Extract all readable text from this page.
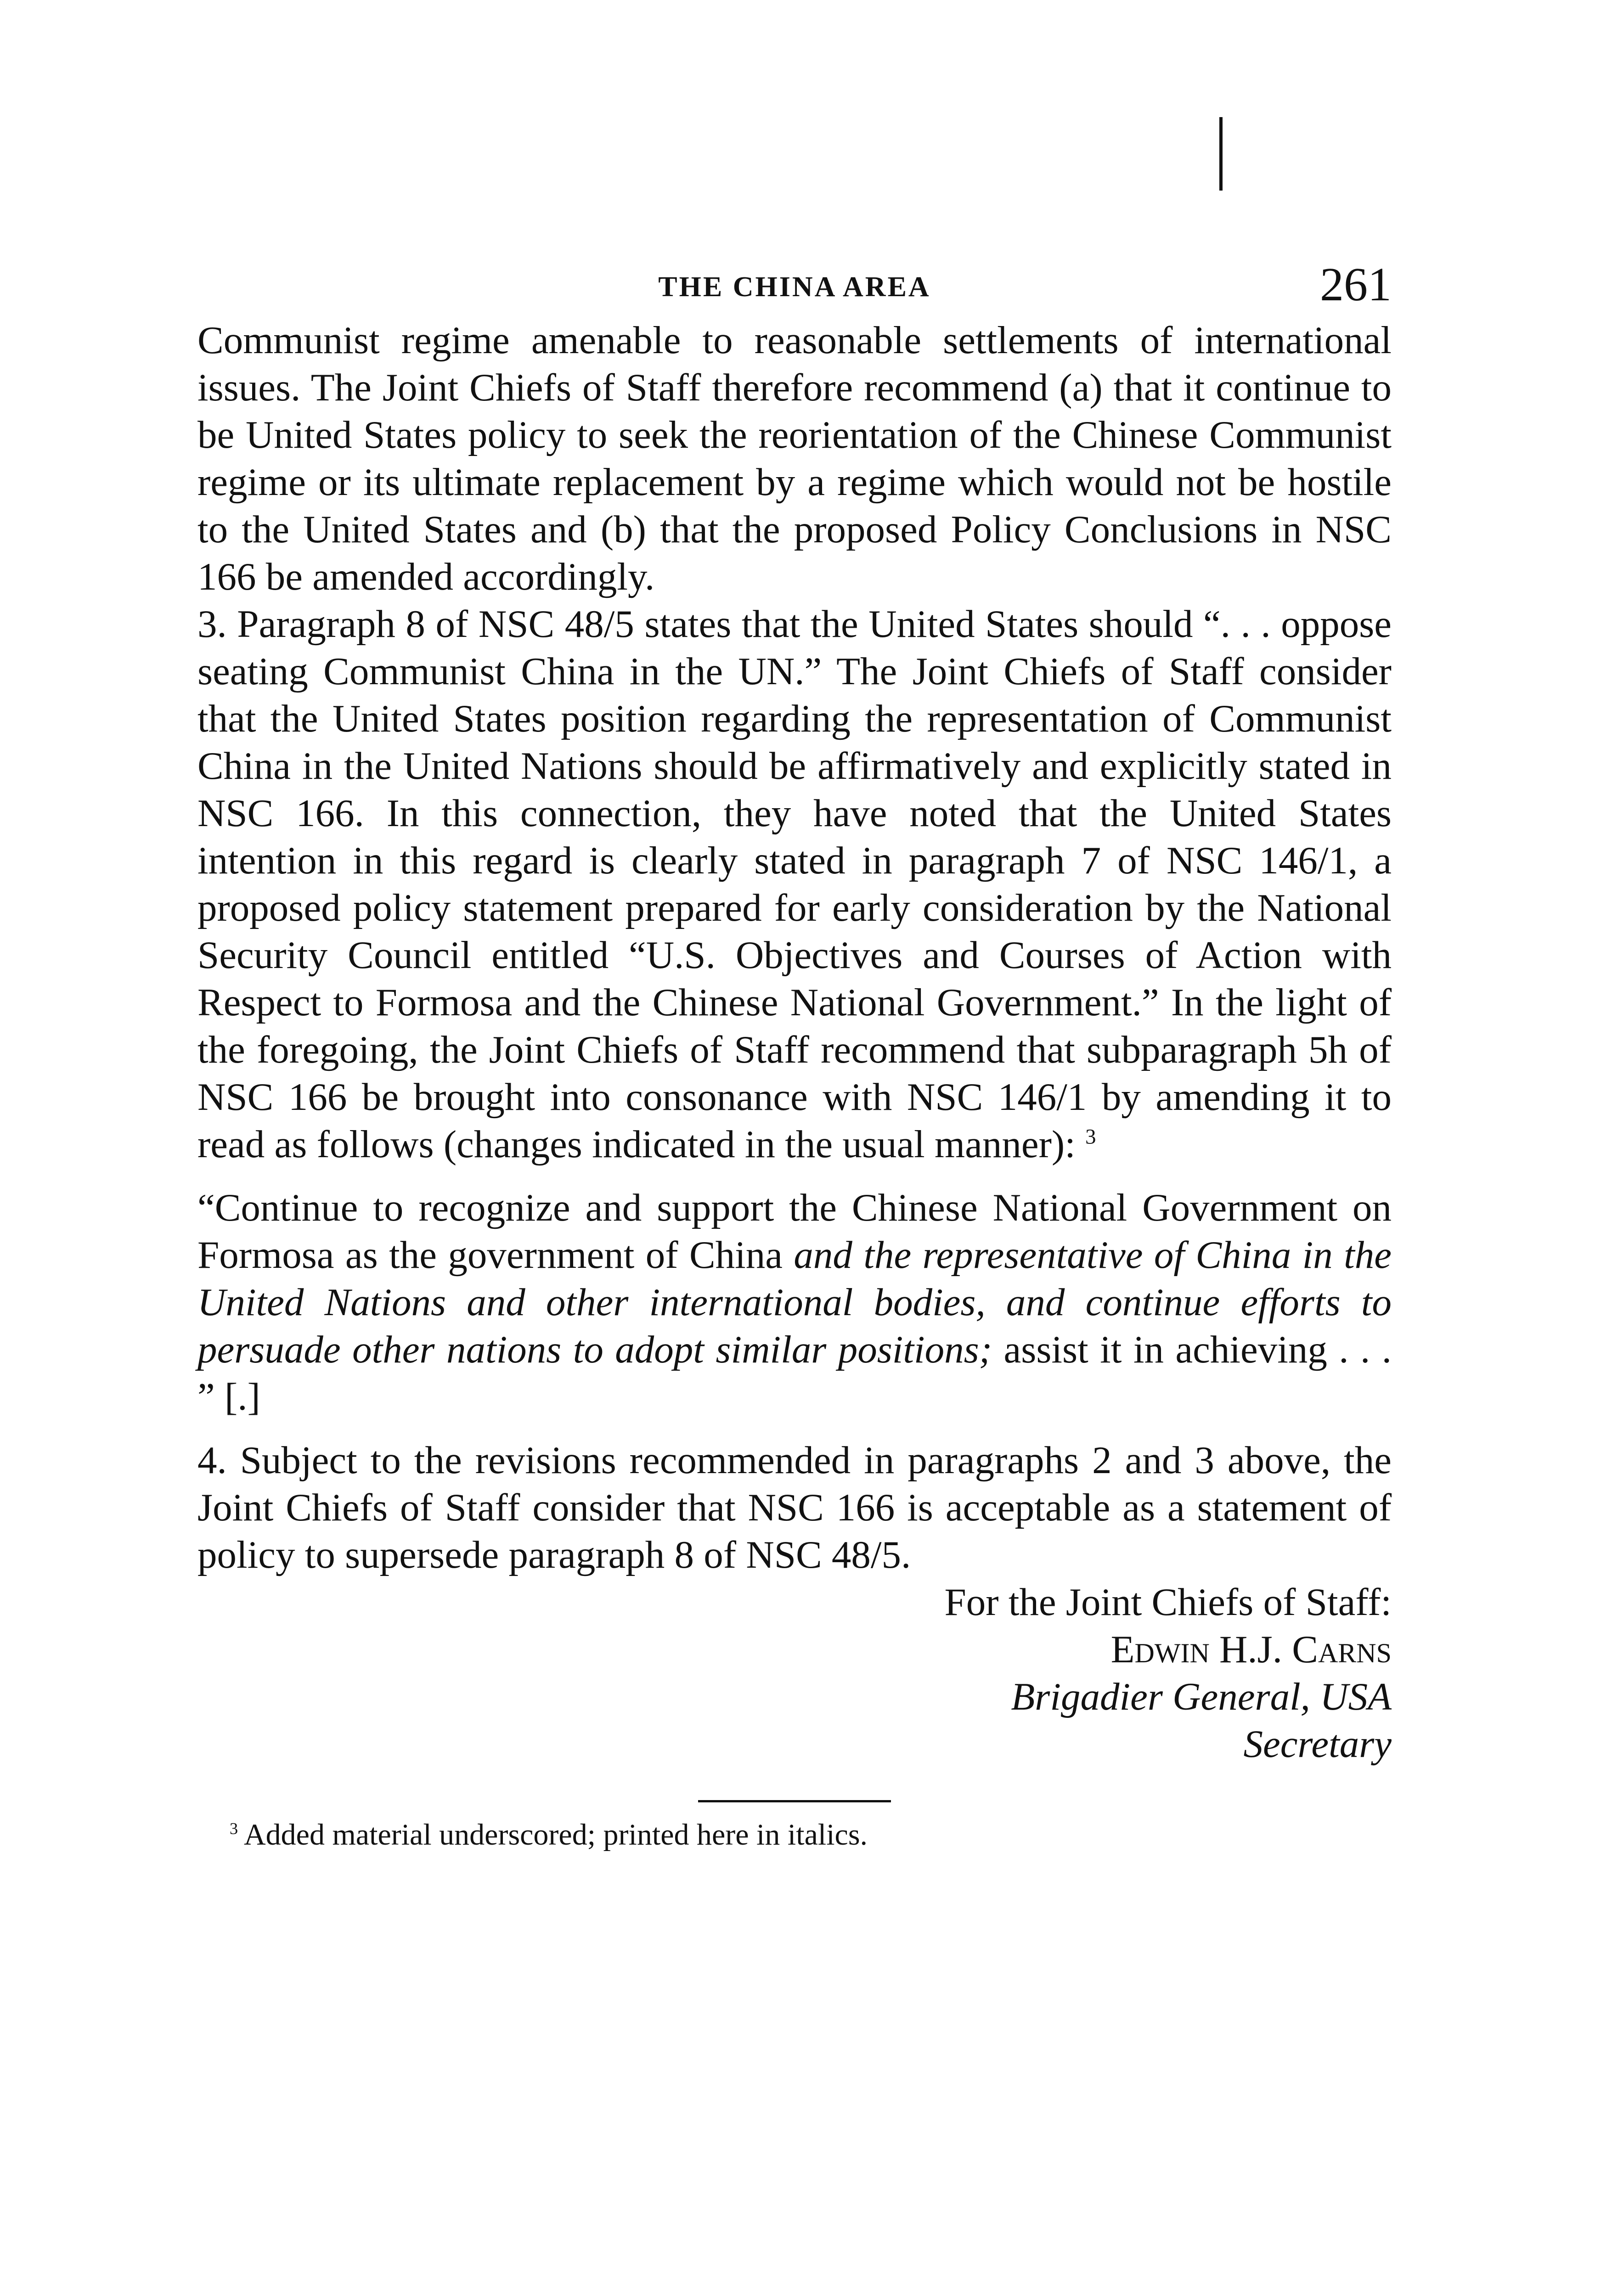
THE CHINA AREA	261

Communist regime amenable to reasonable settlements of international issues. The Joint Chiefs of Staff therefore recommend (a) that it continue to be United States policy to seek the reorientation of the Chinese Communist regime or its ultimate replacement by a regime which would not be hostile to the United States and (b) that the proposed Policy Conclusions in NSC 166 be amended accordingly.

3. Paragraph 8 of NSC 48/5 states that the United States should “. . . oppose seating Communist China in the UN.” The Joint Chiefs of Staff consider that the United States position regarding the representation of Communist China in the United Nations should be affirmatively and explicitly stated in NSC 166. In this connection, they have noted that the United States intention in this regard is clearly stated in paragraph 7 of NSC 146/1, a proposed policy statement prepared for early consideration by the National Security Council entitled “U.S. Objectives and Courses of Action with Respect to Formosa and the Chinese National Government.” In the light of the foregoing, the Joint Chiefs of Staff recommend that subparagraph 5h of NSC 166 be brought into consonance with NSC 146/1 by amending it to read as follows (changes indicated in the usual manner): $^3$

“Continue to recognize and support the Chinese National Government on Formosa as the government of China and the representative of China in the United Nations and other international bodies, and continue efforts to persuade other nations to adopt similar positions; assist it in achieving . . . ” [.]

4. Subject to the revisions recommended in paragraphs 2 and 3 above, the Joint Chiefs of Staff consider that NSC 166 is acceptable as a statement of policy to supersede paragraph 8 of NSC 48/5.

For the Joint Chiefs of Staff:
Edwin H.J. Carns
Brigadier General, USA
Secretary
$^3$ Added material underscored; printed here in italics.
